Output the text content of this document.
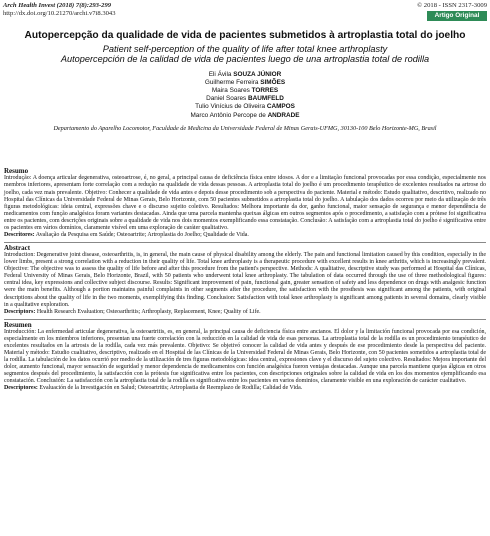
Arch Health Invest (2018) 7(8):293-299
http://dx.doi.org/10.21270/archi.v7i8.3043
© 2018 - ISSN 2317-3009
Artigo Original

Autopercepção da qualidade de vida de pacientes submetidos à artroplastia total do joelho

Patient self-perception of the quality of life after total knee arthroplasty

Autopercepción de la calidad de vida de pacientes luego de una artroplastia total de rodilla

Eli Ávila SOUZA JÚNIOR
Guilherme Ferreira SIMÕES
Maira Soares TORRES
Daniel Soares BAUMFELD
Tulio Vinícius de Oliveira CAMPOS
Marco Antônio Percope de ANDRADE
Departamento do Aparelho Locomotor, Faculdade de Medicina da Universidade Federal de Minas Gerais-UFMG, 30130-100 Belo Horizonte-MG, Brasil
Resumo

Introdução: A doença articular degenerativa, osteoartrose, é, no geral, a principal causa de deficiência física entre idosos. A dor e a limitação funcional provocadas por essa condição, especialmente nos membros inferiores, apresentam forte correlação com a redução na qualidade de vida dessas pessoas. A artroplastia total do joelho é um procedimento terapêutico de excelentes resultados na artrose do joelho, cada vez mais prevalente. Objetivo: Conhecer a qualidade de vida antes e depois desse procedimento sob a perspectiva do paciente. Material e método: Estudo qualitativo, descritivo, realizado no Hospital das Clínicas da Universidade Federal de Minas Gerais, Belo Horizonte, com 50 pacientes submetidos a artroplastia total do joelho. A tabulação dos dados ocorreu por meio da utilização de três figuras metodológicas: ideia central, expressões chave e o discurso sujeito coletivo. Resultados: Melhora importante da dor, ganho funcional, maior sensação de segurança e menor dependência de medicamentos com função analgésica foram variantes destacadas. Ainda que uma parcela mantenha queixas álgicas em outros segmentos após o procedimento, a satisfação com a prótese foi significativa entre os pacientes, com descrições originais sobre a qualidade de vida nos dois momentos exemplificando essa constatação. Conclusão: A satisfação com a artroplastia total do joelho é significativa entre os pacientes em vários domínios, claramente visível em uma exploração de caráter qualitativo.

Descritores: Avaliação da Pesquisa em Saúde; Osteoartrite; Artroplastia do Joelho; Qualidade de Vida.

Abstract

Introduction: Degenerative joint disease, osteoarthritis, is, in general, the main cause of physical disability among the elderly. The pain and functional limitation caused by this condition, especially in the lower limbs, present a strong correlation with a reduction in their quality of life. Total knee arthroplasty is a therapeutic procedure with excellent results in knee arthritis, which is increasingly prevalent. Objective: The objective was to assess the quality of life before and after this procedure from the patient's perspective. Methods: A qualitative, descriptive study was performed at Hospital das Clínicas, Federal University of Minas Gerais, Belo Horizonte, Brazil, with 50 patients who underwent total knee arthroplasty. The tabulation of data occurred through the use of three methodological figures: central idea, key expressions and collective subject discourse. Results: Significant improvement of pain, functional gain, greater sensation of safety and less dependence on drugs with analgesic function were the main benefits. Although a portion maintains painful complaints in other segments after the procedure, the satisfaction with the prosthesis was significant among the patients, with original descriptions about the quality of life in the two moments, exemplifying this finding. Conclusion: Satisfaction with total knee arthroplasty is significant among patients in several domains, clearly visible in a qualitative exploration.

Descriptors: Health Research Evaluation; Osteoarthritis; Arthroplasty, Replacement, Knee; Quality of Life.

Resumen

Introducción: La enfermedad articular degenerativa, la osteoartritis, es, en general, la principal causa de deficiencia física entre ancianos. El dolor y la limitación funcional provocada por esa condición, especialmente en los miembros inferiores, presentan una fuerte correlación con la reducción en la calidad de vida de esas personas. La artroplastia total de la rodilla es un procedimiento terapéutico de excelentes resultados en la artrosis de la rodilla, cada vez más prevalente. Objetivo: Se objetivó conocer la calidad de vida antes y después de ese procedimiento desde la perspectiva del paciente. Material y método: Estudio cualitativo, descriptivo, realizado en el Hospital de las Clínicas de la Universidad Federal de Minas Gerais, Belo Horizonte, con 50 pacientes sometidos a artroplastia total de la rodilla. La tabulación de los datos ocurrió por medio de la utilización de tres figuras metodológicas: idea central, expresiones clave y el discurso del sujeto colectivo. Resultados: Mejora importante del dolor, aumento funcional, mayor sensación de seguridad y menor dependencia de medicamentos con función analgésica fueron ventajas destacadas. Aunque una parcela mantiene quejas álgicas en otros segmentos después del procedimiento, la satisfacción con la prótesis fue significativa entre los pacientes, con descripciones originales sobre la calidad de vida en los dos momentos ejemplificando esa constatación. Conclusión: La satisfacción con la artroplastia total de la rodilla es significativa entre los pacientes en varios dominios, claramente visible en una exploración de carácter cualitativo.

Descriptores: Evaluación de la Investigación en Salud; Osteoartritis; Artroplastia de Reemplazo de Rodilla; Calidad de Vida.
